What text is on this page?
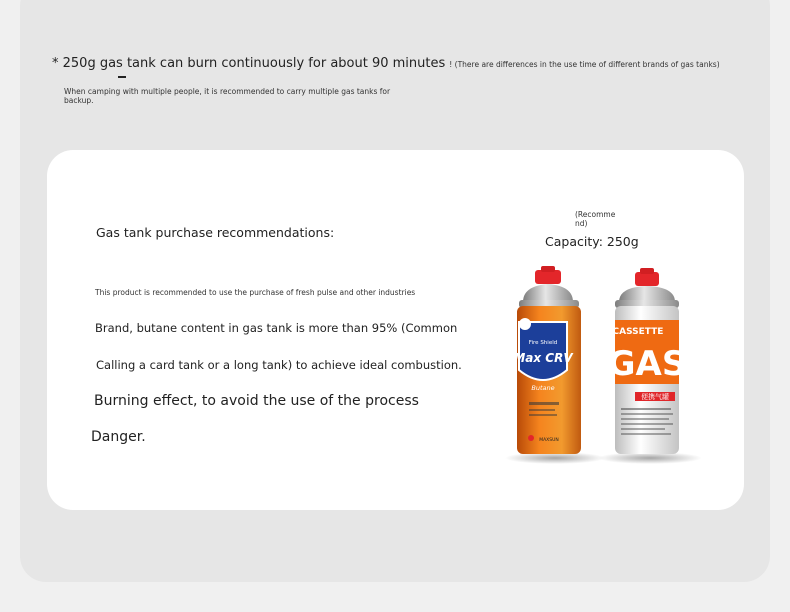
* 250g gas tank can burn continuously for about 90 minutes ! (There are differences in the use time of different brands of gas tanks)
When camping with multiple people, it is recommended to carry multiple gas tanks for backup.
Gas tank purchase recommendations:
This product is recommended to use the purchase of fresh pulse and other industries
Brand, butane content in gas tank is more than 95% (Common
Calling a card tank or a long tank) to achieve ideal combustion.
Burning effect, to avoid the use of the process
Danger.
(Recomme nd)
Capacity: 250g
Fire Shield
Max CRV
Butane
MAXSUN
CASSETTE
GAS
便携气罐
